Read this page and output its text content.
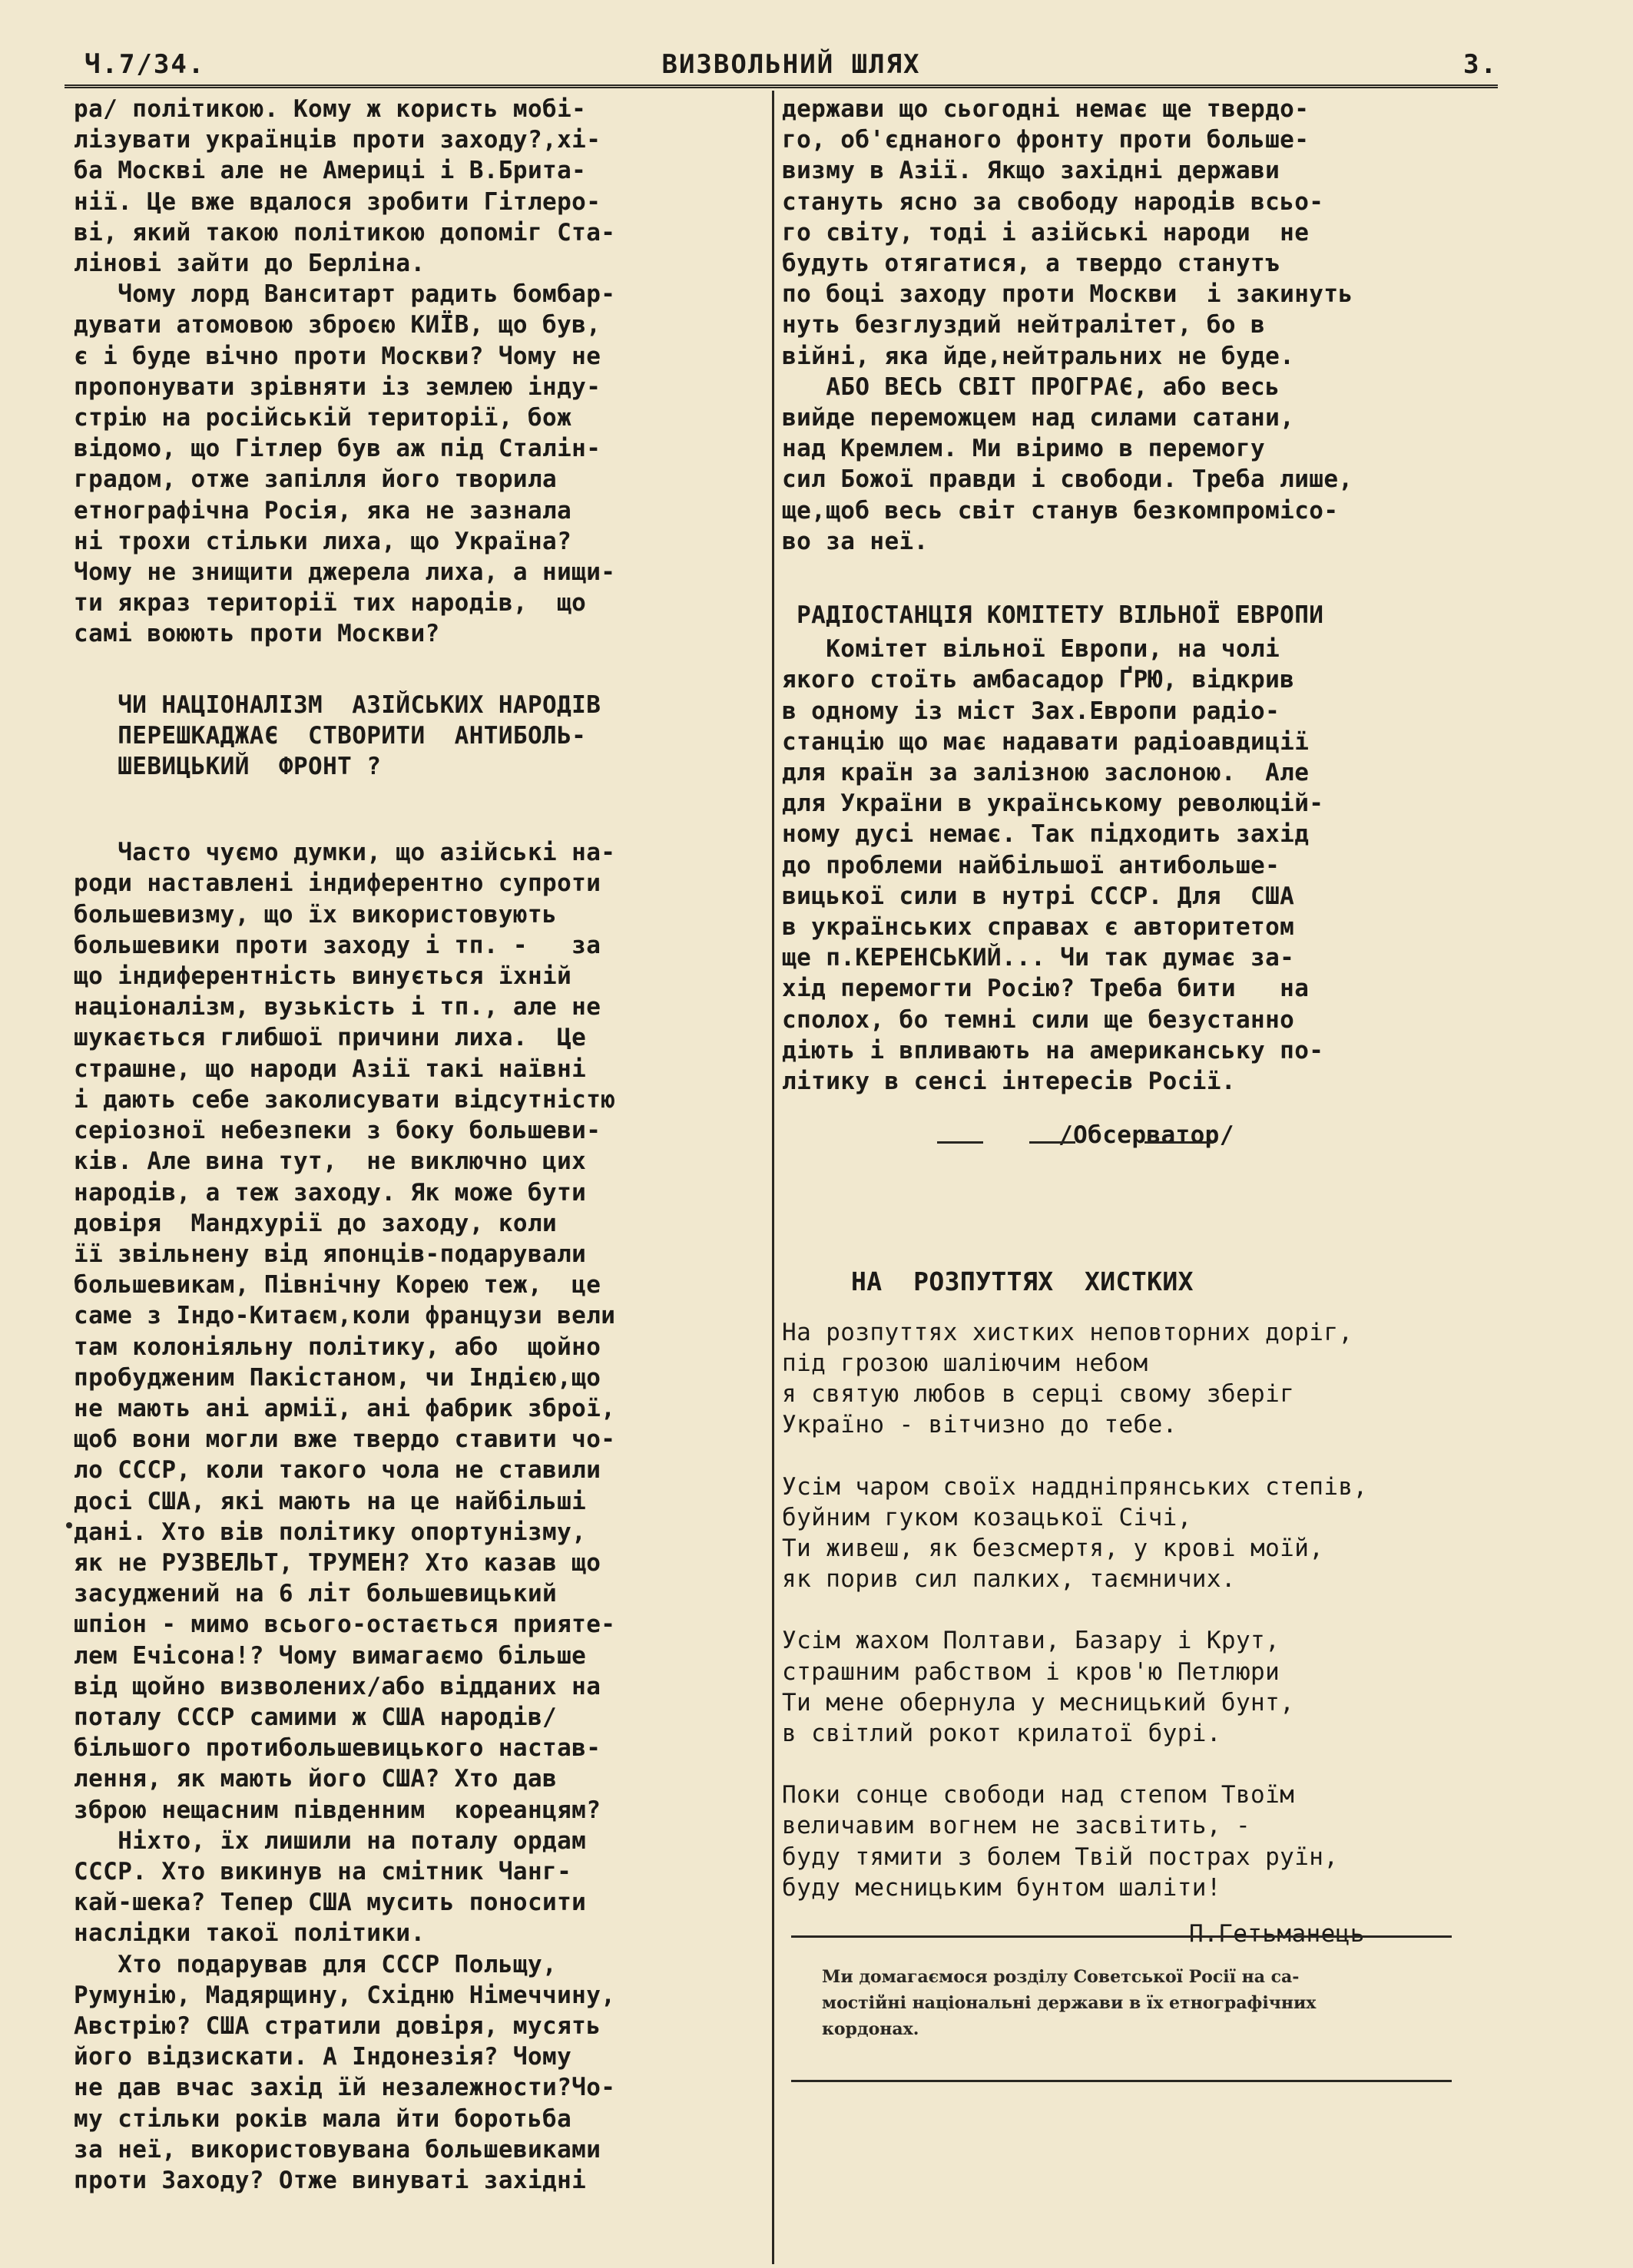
Ч.7/34.	ВИЗВОЛЬНИЙ ШЛЯХ	3.

ра/ політикою. Кому ж користь мобі-

лізувати українців проти заходу?,хі-

ба Москві але не Америці і В.Брита-

нії. Це вже вдалося зробити Гітлеро-

ві, який такою політикою допоміг Ста-

лінові зайти до Берліна.

Чому лорд Ванситарт радить бомбар-

дувати атомовою зброєю КИЇВ, що був,

є і буде вічно проти Москви? Чому не

пропонувати зрівняти із землею інду-

стрію на російській території, бож

відомо, що Гітлер був аж під Сталін-

градом, отже запілля його творила

етнографічна Росія, яка не зазнала

ні трохи стільки лиха, що Україна?

Чому не знищити джерела лиха, а нищи-

ти якраз території тих народів,  що

самі воюють проти Москви?

ЧИ НАЦІОНАЛІЗМ  АЗІЙСЬКИХ НАРОДІВ

ПЕРЕШКАДЖАЄ  СТВОРИТИ  АНТИБОЛЬ-

ШЕВИЦЬКИЙ  ФРОНТ ?

Часто чуємо думки, що азійські на-

роди наставлені індиферентно супроти

большевизму, що їх використовують

большевики проти заходу і тп. -   за

що індиферентність винується їхній

націоналізм, вузькість і тп., але не

шукається глибшої причини лиха.  Це

страшне, що народи Азії такі наївні

і дають себе заколисувати відсутністю

серіозної небезпеки з боку большеви-

ків. Але вина тут,  не виключно цих

народів, а теж заходу. Як може бути

довіря  Мандхурії до заходу, коли

її звільнену від японців-подарували

большевикам, Північну Корею теж,  це

саме з Індо-Китаєм,коли французи вели

там колоніяльну політику, або  щойно

пробудженим Пакістаном, чи Індією,що

не мають ані армії, ані фабрик зброї,

щоб вони могли вже твердо ставити чо-

ло СССР, коли такого чола не ставили

досі США, які мають на це найбільші

дані. Хто вів політику опортунізму,

як не РУЗВЕЛЬТ, ТРУМЕН? Хто казав що

засуджений на 6 літ большевицький

шпіон - мимо всього-остається прияте-

лем Ечісона!? Чому вимагаємо більше

від щойно визволених/або відданих на

поталу СССР самими ж США народів/

більшого протибольшевицького настав-

лення, як мають його США? Хто дав

зброю нещасним південним  корeанцям?

Ніхто, їх лишили на поталу ордам

СССР. Хто викинув на смітник Чанг-

кай-шека? Тепер США мусить поносити

наслідки такої політики.

Хто подарував для СССР Польщу,

Румунію, Мадярщину, Східню Німеччину,

Австрію? США стратили довіря, мусять

його відзискати. А Індонезія? Чому

не дав вчас захід їй незалежности?Чо-

му стільки років мала йти боротьба

за неї, використовувана большевиками

проти Заходу? Отже винуваті західні

держави що сьогодні немає ще твердо-

го, об'єднаного фронту проти больше-

визму в Азії. Якщо західні держави

станyть ясно за свободу народів всьо-

го світу, тоді і азійські народи  не

будуть отягатися, а твердо станутъ

по боці заходу проти Москви  і закинуть

нуть безглуздий нейтралітет, бо в

війні, яка йде,нейтральних не буде.

АБО ВЕСЬ СВІТ ПРОГРАЄ, або весь

вийде переможцем над силами сатани,

над Кремлем. Ми віримо в перемогу

сил Божої правди і свободи. Треба лише,

ще,щоб весь світ станув безкомпромісо-

во за неї.

РАДІОСТАНЦІЯ КОМІТЕТУ ВІЛЬНОЇ ЕВРОПИ

Комітет вільної Европи, на чолі

якого стоїть амбасадор ҐРЮ, відкрив

в одному із міст Зах.Европи радіо-

станцію що має надавати радіоавдиції

для країн за залізною заслоною.  Але

для України в українському революцій-

ному дусі немає. Так підходить захід

до проблеми найбільшої антибольше-

вицької сили в нутрі СССР. Для  США

в українських справах є авторитетом

ще п.КЕРЕНСЬКИЙ... Чи так думає за-

хід перемогти Росію? Треба бити   на

сполох, бо темні сили ще безустанно

діють і впливають на американську по-

літику в сенсі інтересів Росії.

/Обсерватор/

НА  РОЗПУТТЯХ  ХИСТКИХ

На розпуттях хистких неповторних доріг,

під грозою шаліючим небом

я святую любов в серці свому зберіг

Україно - вітчизно до тебе.

Усім чаром своїх наддніпрянських степів,

буйним гуком козацької Січі,

Ти живеш, як безсмертя, у крові моїй,

як порив сил палких, таємничих.

Усім жахом Полтави, Базару і Крут,

страшним рабством і кров'ю Петлюри

Ти мене обернула у месницький бунт,

в світлий рокот крилатої бурі.

Поки сонце свободи над степом Твоїм

величавим вогнем не засвітить, -

буду тямити з болем Твій пострах руїн,

буду месницьким бунтом шаліти!

П.Гетьманець

Ми домагаємося розділу Советської Росії на са-

мостійні національні держави в їх етнографічних

кордонах.
